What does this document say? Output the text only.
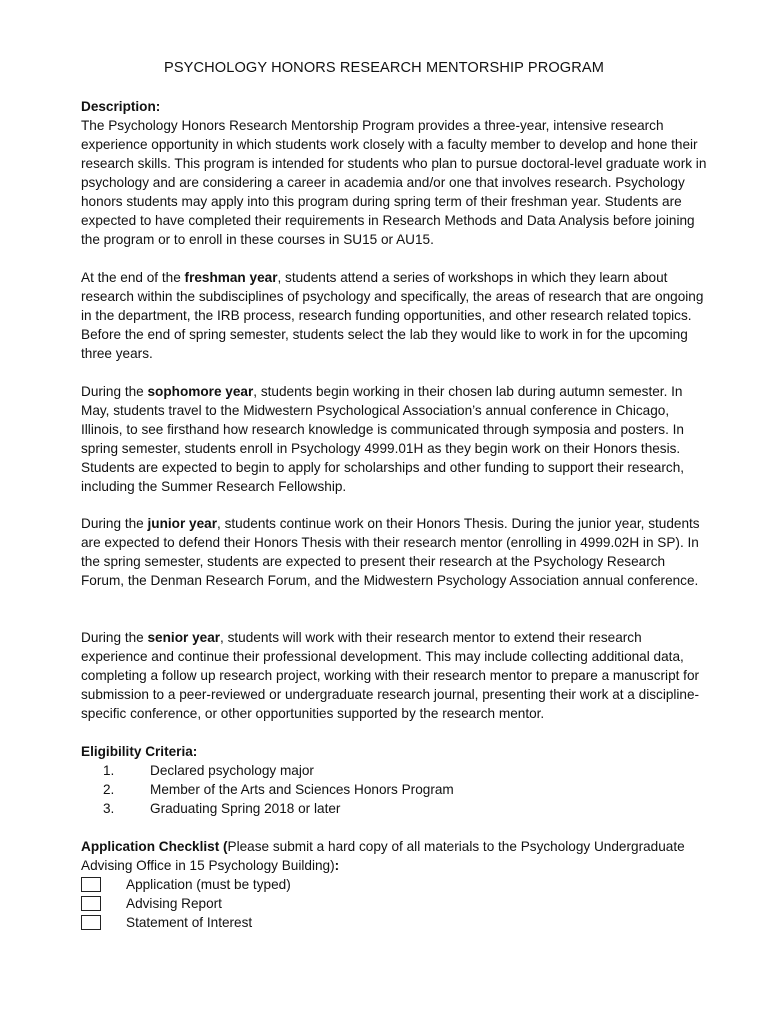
PSYCHOLOGY HONORS RESEARCH MENTORSHIP PROGRAM

Description:
The Psychology Honors Research Mentorship Program provides a three-year, intensive research experience opportunity in which students work closely with a faculty member to develop and hone their research skills. This program is intended for students who plan to pursue doctoral-level graduate work in psychology and are considering a career in academia and/or one that involves research. Psychology honors students may apply into this program during spring term of their freshman year. Students are expected to have completed their requirements in Research Methods and Data Analysis before joining the program or to enroll in these courses in SU15 or AU15.

At the end of the freshman year, students attend a series of workshops in which they learn about research within the subdisciplines of psychology and specifically, the areas of research that are ongoing in the department, the IRB process, research funding opportunities, and other research related topics. Before the end of spring semester, students select the lab they would like to work in for the upcoming three years.

During the sophomore year, students begin working in their chosen lab during autumn semester. In May, students travel to the Midwestern Psychological Association’s annual conference in Chicago, Illinois, to see firsthand how research knowledge is communicated through symposia and posters. In spring semester, students enroll in Psychology 4999.01H as they begin work on their Honors thesis. Students are expected to begin to apply for scholarships and other funding to support their research, including the Summer Research Fellowship.

During the junior year, students continue work on their Honors Thesis. During the junior year, students are expected to defend their Honors Thesis with their research mentor (enrolling in 4999.02H in SP). In the spring semester, students are expected to present their research at the Psychology Research Forum, the Denman Research Forum, and the Midwestern Psychology Association annual conference.

During the senior year, students will work with their research mentor to extend their research experience and continue their professional development. This may include collecting additional data, completing a follow up research project, working with their research mentor to prepare a manuscript for submission to a peer-reviewed or undergraduate research journal, presenting their work at a discipline-specific conference, or other opportunities supported by the research mentor.

Eligibility Criteria:
1.	Declared psychology major
2.	Member of the Arts and Sciences Honors Program
3.	Graduating Spring 2018 or later

Application Checklist (Please submit a hard copy of all materials to the Psychology Undergraduate Advising Office in 15 Psychology Building):

Application (must be typed)
Advising Report
Statement of Interest
